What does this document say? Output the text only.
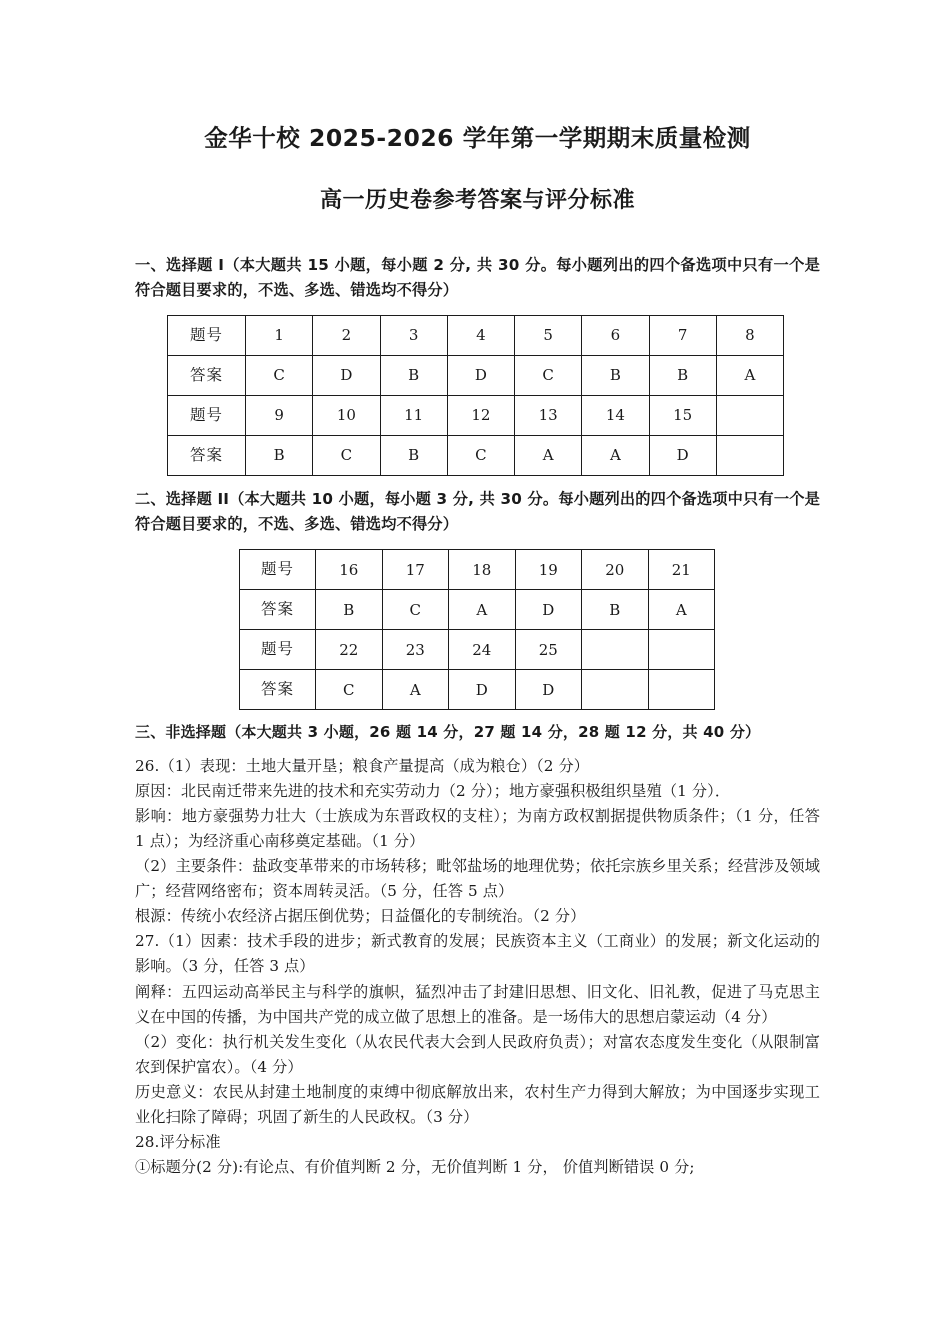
金华十校 2025-2026 学年第一学期期末质量检测
高一历史卷参考答案与评分标准

一、选择题 I（本大题共 15 小题，每小题 2 分, 共 30 分。每小题列出的四个备选项中只有一个是符合题目要求的，不选、多选、错选均不得分）

题号	1	2	3	4	5	6	7	8
答案	C	D	B	D	C	B	B	A
题号	9	10	11	12	13	14	15	
答案	B	C	B	C	A	A	D	

二、选择题 II（本大题共 10 小题，每小题 3 分, 共 30 分。每小题列出的四个备选项中只有一个是符合题目要求的，不选、多选、错选均不得分）

题号	16	17	18	19	20	21
答案	B	C	A	D	B	A
题号	22	23	24	25		
答案	C	A	D	D		

三、非选择题（本大题共 3 小题，26 题 14 分，27 题 14 分，28 题 12 分，共 40 分）

26.（1）表现：土地大量开垦；粮食产量提高（成为粮仓）（2 分）

原因：北民南迁带来先进的技术和充实劳动力（2 分）；地方豪强积极组织垦殖（1 分）．

影响：地方豪强势力壮大（士族成为东晋政权的支柱）；为南方政权割据提供物质条件；（1 分，任答 1 点）；为经济重心南移奠定基础。（1 分）

（2）主要条件：盐政变革带来的市场转移；毗邻盐场的地理优势；依托宗族乡里关系；经营涉及领域广；经营网络密布；资本周转灵活。（5 分，任答 5 点）

根源：传统小农经济占据压倒优势；日益僵化的专制统治。（2 分）

27.（1）因素：技术手段的进步；新式教育的发展；民族资本主义（工商业）的发展；新文化运动的影响。（3 分，任答 3 点）

阐释：五四运动高举民主与科学的旗帜，猛烈冲击了封建旧思想、旧文化、旧礼教，促进了马克思主义在中国的传播，为中国共产党的成立做了思想上的准备。是一场伟大的思想启蒙运动（4 分）

（2）变化：执行机关发生变化（从农民代表大会到人民政府负责）；对富农态度发生变化（从限制富农到保护富农）。（4 分）

历史意义：农民从封建土地制度的束缚中彻底解放出来，农村生产力得到大解放；为中国逐步实现工业化扫除了障碍；巩固了新生的人民政权。（3 分）

28.评分标准

①标题分(2 分):有论点、有价值判断 2 分，无价值判断 1 分， 价值判断错误 0 分;
